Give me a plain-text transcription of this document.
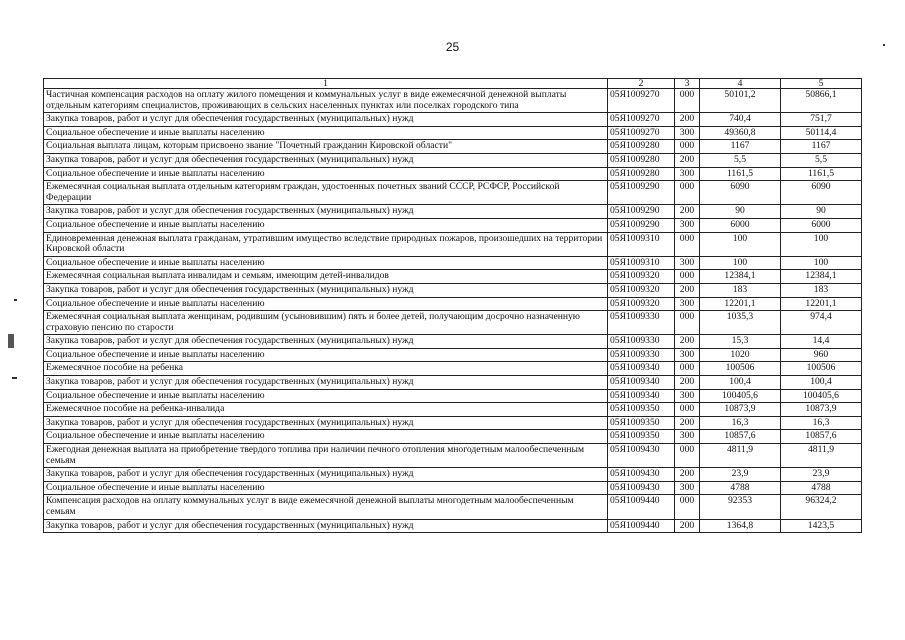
25
1	2	3	4	5
Частичная компенсация расходов на оплату жилого помещения и коммунальных услуг в виде ежемесячной денежной выплаты отдельным категориям специалистов, проживающих в сельских населенных пунктах или поселках городского типа	05Я1009270	000	50101,2	50866,1
Закупка товаров, работ и услуг для обеспечения государственных (муниципальных) нужд	05Я1009270	200	740,4	751,7
Социальное обеспечение и иные выплаты населению	05Я1009270	300	49360,8	50114,4
Социальная выплата лицам, которым присвоено звание "Почетный гражданин Кировской области"	05Я1009280	000	1167	1167
Закупка товаров, работ и услуг для обеспечения государственных (муниципальных) нужд	05Я1009280	200	5,5	5,5
Социальное обеспечение и иные выплаты населению	05Я1009280	300	1161,5	1161,5
Ежемесячная социальная выплата отдельным категориям граждан, удостоенных почетных званий СССР, РСФСР, Российской Федерации	05Я1009290	000	6090	6090
Закупка товаров, работ и услуг для обеспечения государственных (муниципальных) нужд	05Я1009290	200	90	90
Социальное обеспечение и иные выплаты населению	05Я1009290	300	6000	6000
Единовременная денежная выплата гражданам, утратившим имущество вследствие природных пожаров, произошедших на территории Кировской области	05Я1009310	000	100	100
Социальное обеспечение и иные выплаты населению	05Я1009310	300	100	100
Ежемесячная социальная выплата инвалидам и семьям, имеющим детей-инвалидов	05Я1009320	000	12384,1	12384,1
Закупка товаров, работ и услуг для обеспечения государственных (муниципальных) нужд	05Я1009320	200	183	183
Социальное обеспечение и иные выплаты населению	05Я1009320	300	12201,1	12201,1
Ежемесячная социальная выплата женщинам, родившим (усыновившим) пять и более детей, получающим досрочно назначенную страховую пенсию по старости	05Я1009330	000	1035,3	974,4
Закупка товаров, работ и услуг для обеспечения государственных (муниципальных) нужд	05Я1009330	200	15,3	14,4
Социальное обеспечение и иные выплаты населению	05Я1009330	300	1020	960
Ежемесячное пособие на ребенка	05Я1009340	000	100506	100506
Закупка товаров, работ и услуг для обеспечения государственных (муниципальных) нужд	05Я1009340	200	100,4	100,4
Социальное обеспечение и иные выплаты населению	05Я1009340	300	100405,6	100405,6
Ежемесячное пособие на ребенка-инвалида	05Я1009350	000	10873,9	10873,9
Закупка товаров, работ и услуг для обеспечения государственных (муниципальных) нужд	05Я1009350	200	16,3	16,3
Социальное обеспечение и иные выплаты населению	05Я1009350	300	10857,6	10857,6
Ежегодная денежная выплата на приобретение твердого топлива при наличии печного отопления многодетным малообеспеченным семьям	05Я1009430	000	4811,9	4811,9
Закупка товаров, работ и услуг для обеспечения государственных (муниципальных) нужд	05Я1009430	200	23,9	23,9
Социальное обеспечение и иные выплаты населению	05Я1009430	300	4788	4788
Компенсация расходов на оплату коммунальных услуг в виде ежемесячной денежной выплаты многодетным малообеспеченным семьям	05Я1009440	000	92353	96324,2
Закупка товаров, работ и услуг для обеспечения государственных (муниципальных) нужд	05Я1009440	200	1364,8	1423,5
